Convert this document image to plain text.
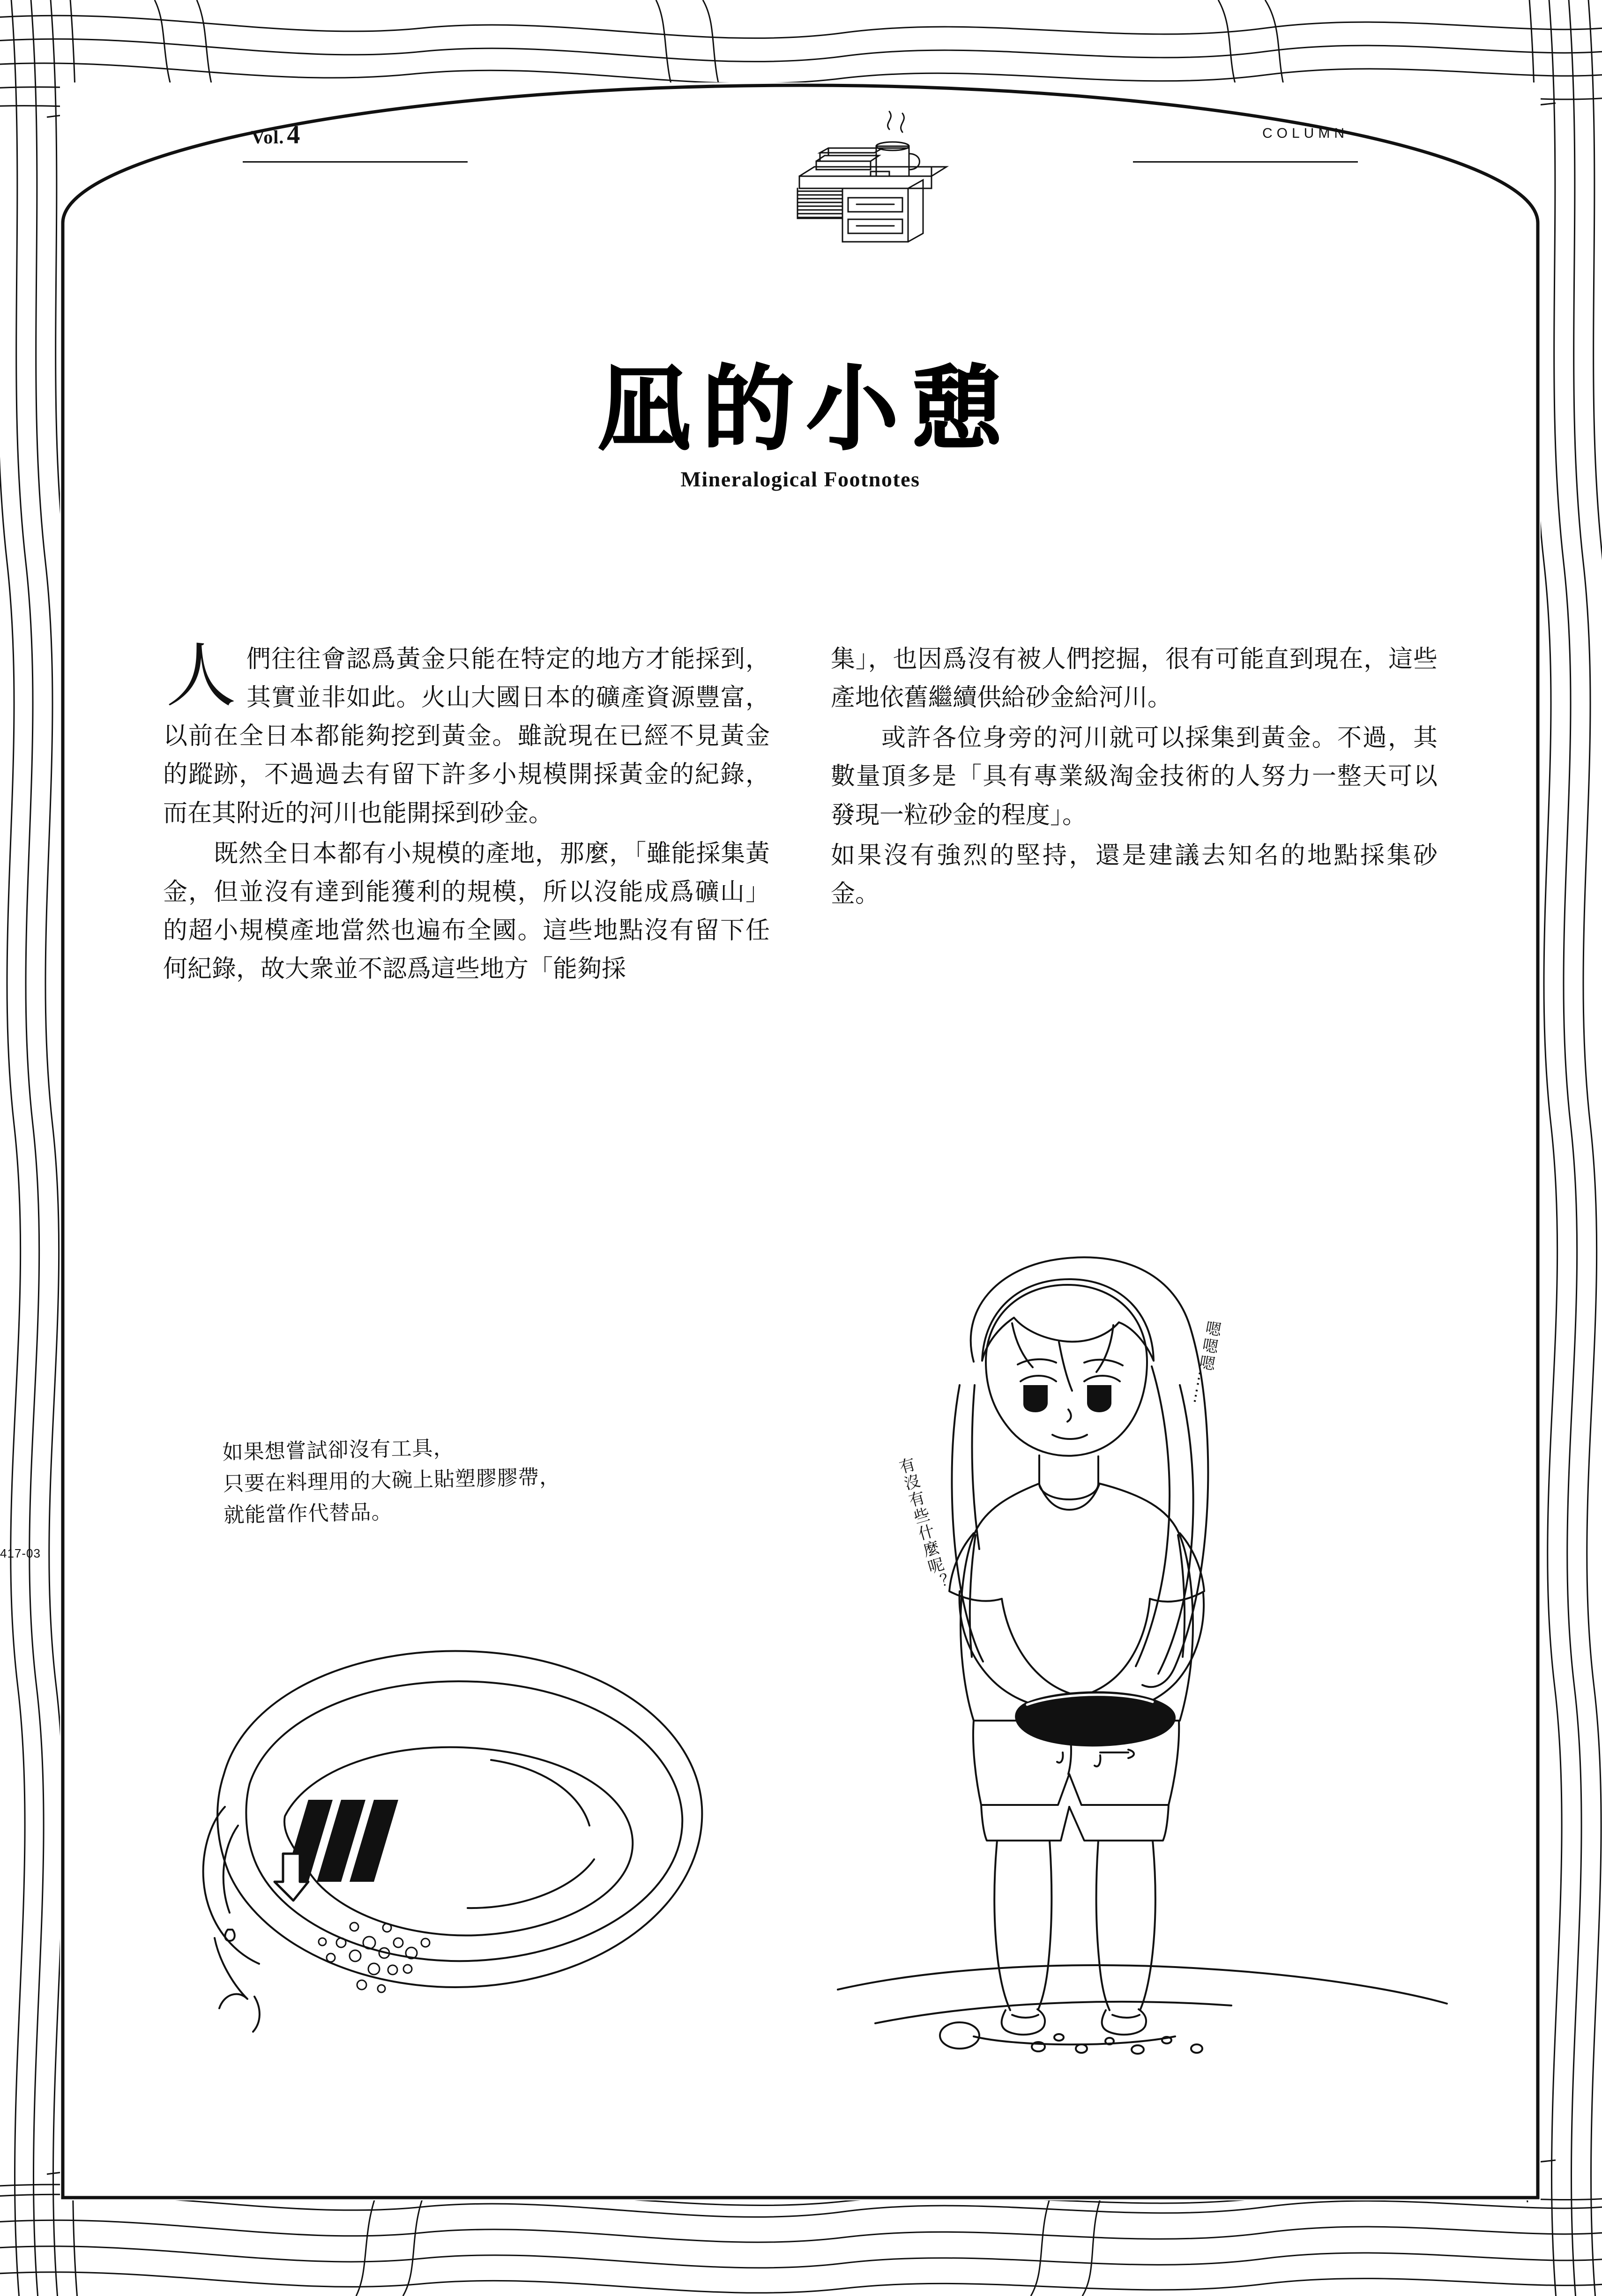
Vol. 4	COLUMN
凪的小憩
Mineralogical Footnotes

人 們往往會認爲黃金只能在特定的地方才能採到，其實並非如此。火山大國日本的礦產資源豐富，以前在全日本都能夠挖到黃金。雖說現在已經不見黃金的蹤跡，不過過去有留下許多小規模開採黃金的紀錄，而在其附近的河川也能開採到砂金。

既然全日本都有小規模的產地，那麼，「雖能採集黃金，但並沒有達到能獲利的規模，所以沒能成爲礦山」的超小規模產地當然也遍布全國。這些地點沒有留下任何紀錄，故大衆並不認爲這些地方「能夠採

集」，也因爲沒有被人們挖掘，很有可能直到現在，這些產地依舊繼續供給砂金給河川。

或許各位身旁的河川就可以採集到黃金。不過，其數量頂多是「具有專業級淘金技術的人努力一整天可以發現一粒砂金的程度」。

如果沒有強烈的堅持，還是建議去知名的地點採集砂金。

如果想嘗試卻沒有工具，
只要在料理用的大碗上貼塑膠膠帶，
就能當作代替品。	有沒有些什麼呢？
嗯嗯嗯……
417-03
